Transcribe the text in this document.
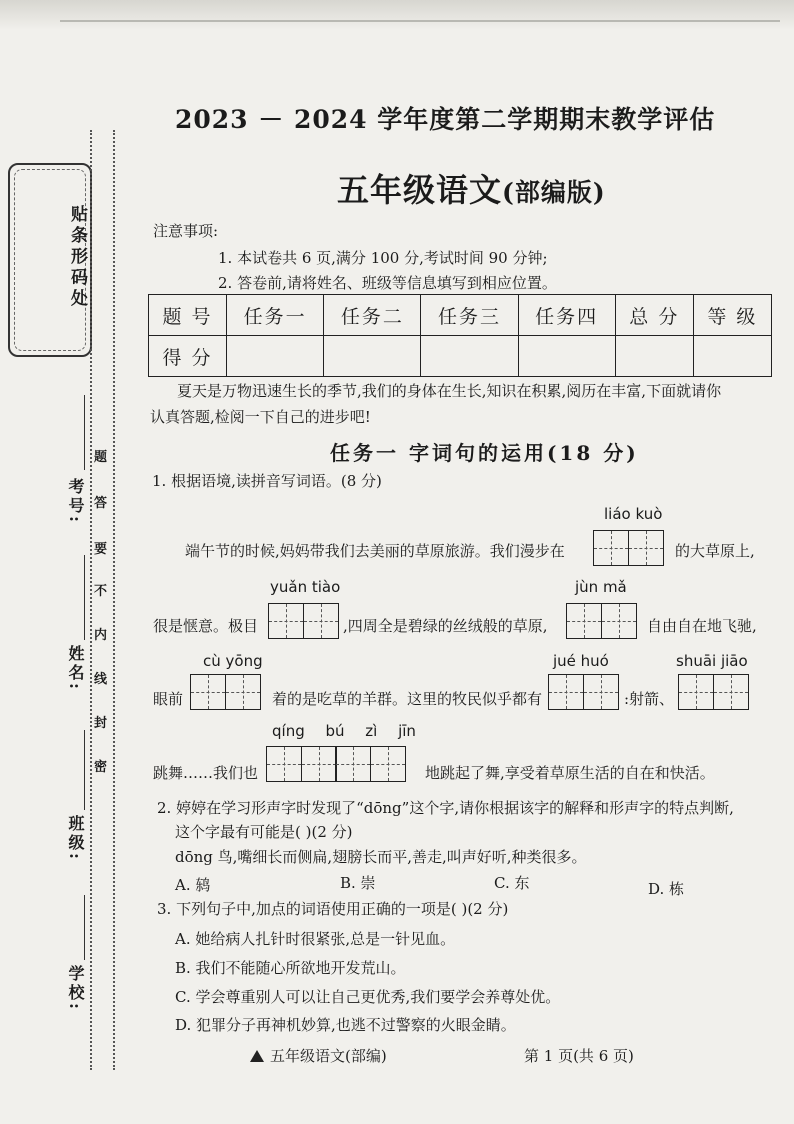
贴条形码处
考号:
姓名:
班级:
学校:
题
答
要
不
内
线
封
密
2023 － 2024 学年度第二学期期末教学评估
五年级语文(部编版)
注意事项:
1. 本试卷共 6 页,满分 100 分,考试时间 90 分钟;
2. 答卷前,请将姓名、班级等信息填写到相应位置。
题 号	任务一	任务二	任务三	任务四	总 分	等 级
得 分						
夏天是万物迅速生长的季节,我们的身体在生长,知识在积累,阅历在丰富,下面就请你
认真答题,检阅一下自己的进步吧!
任务一 字词句的运用(18 分)
1. 根据语境,读拼音写词语。(8 分)
liáo kuò
端午节的时候,妈妈带我们去美丽的草原旅游。我们漫步在	的大草原上,
yuǎn tiào	jùn mǎ
很是惬意。极目	,四周全是碧绿的丝绒般的草原,	自由自在地飞驰,
cù yōng	jué huó	shuāi jiāo
眼前	着的是吃草的羊群。这里的牧民似乎都有	:射箭、
qíng bú zì jīn
跳舞……我们也	地跳起了舞,享受着草原生活的自在和快活。
2. 婷婷在学习形声字时发现了“dōng”这个字,请你根据该字的解释和形声字的特点判断,
这个字最有可能是( )(2 分)
dōng 鸟,嘴细长而侧扁,翅膀长而平,善走,叫声好听,种类很多。
A. 鸫	B. 崇	C. 东	D. 栋
3. 下列句子中,加点的词语使用正确的一项是( )(2 分)
A. 她给病人扎针时很紧张,总是一针见血。
B. 我们不能随心所欲地开发荒山。
C. 学会尊重别人可以让自己更优秀,我们要学会养尊处优。
D. 犯罪分子再神机妙算,也逃不过警察的火眼金睛。
五年级语文(部编)	第 1 页(共 6 页)
